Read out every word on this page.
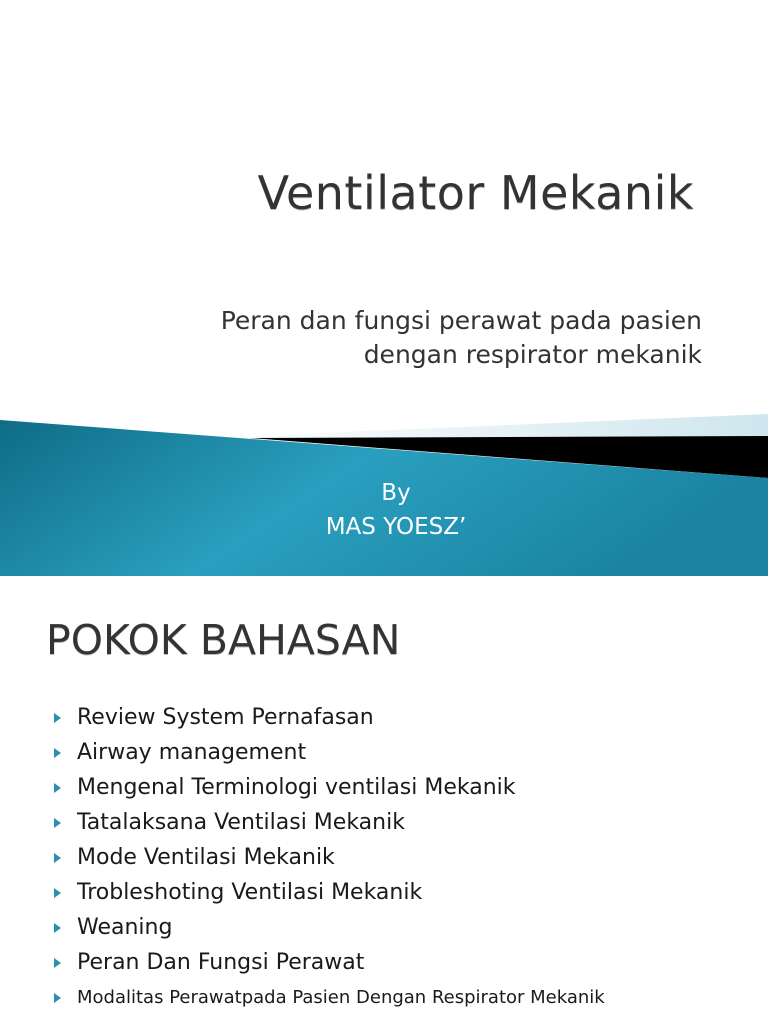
Ventilator Mekanik
Peran dan fungsi perawat pada pasien
dengan respirator mekanik
By
MAS YOESZ’
POKOK BAHASAN
Review System Pernafasan
Airway management
Mengenal Terminologi ventilasi Mekanik
Tatalaksana Ventilasi Mekanik
Mode Ventilasi Mekanik
Trobleshoting Ventilasi Mekanik
Weaning
Peran Dan Fungsi Perawat
Modalitas Perawatpada Pasien Dengan Respirator Mekanik
